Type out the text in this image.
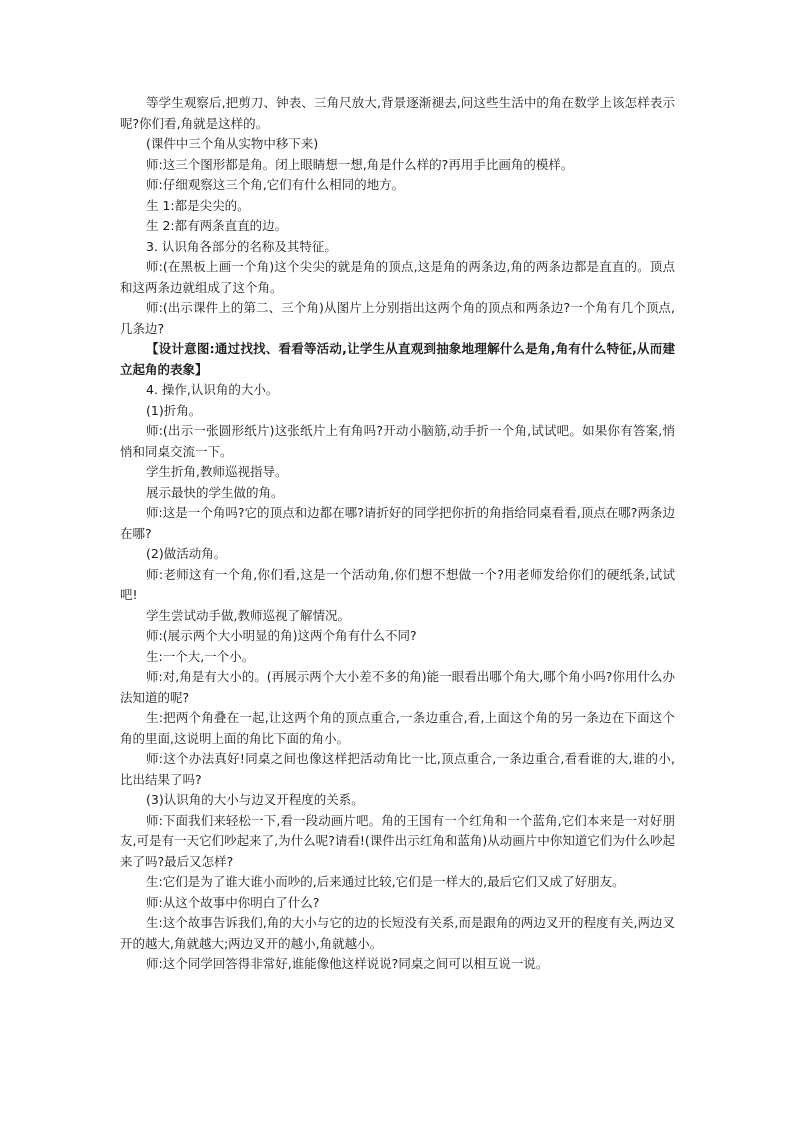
等学生观察后,把剪刀、钟表、三角尺放大,背景逐渐褪去,问这些生活中的角在数学上该怎样表示呢?你们看,角就是这样的。

(课件中三个角从实物中移下来)

师:这三个图形都是角。闭上眼睛想一想,角是什么样的?再用手比画角的模样。

师:仔细观察这三个角,它们有什么相同的地方。

生 1:都是尖尖的。

生 2:都有两条直直的边。

3. 认识角各部分的名称及其特征。

师:(在黑板上画一个角)这个尖尖的就是角的顶点,这是角的两条边,角的两条边都是直直的。顶点和这两条边就组成了这个角。

师:(出示课件上的第二、三个角)从图片上分别指出这两个角的顶点和两条边?一个角有几个顶点,几条边?

【设计意图:通过找找、看看等活动,让学生从直观到抽象地理解什么是角,角有什么特征,从而建立起角的表象】

4. 操作,认识角的大小。

(1)折角。

师:(出示一张圆形纸片)这张纸片上有角吗?开动小脑筋,动手折一个角,试试吧。如果你有答案,悄悄和同桌交流一下。

学生折角,教师巡视指导。

展示最快的学生做的角。

师:这是一个角吗?它的顶点和边都在哪?请折好的同学把你折的角指给同桌看看,顶点在哪?两条边在哪?

(2)做活动角。

师:老师这有一个角,你们看,这是一个活动角,你们想不想做一个?用老师发给你们的硬纸条,试试吧!

学生尝试动手做,教师巡视了解情况。

师:(展示两个大小明显的角)这两个角有什么不同?

生:一个大,一个小。

师:对,角是有大小的。(再展示两个大小差不多的角)能一眼看出哪个角大,哪个角小吗?你用什么办法知道的呢?

生:把两个角叠在一起,让这两个角的顶点重合,一条边重合,看,上面这个角的另一条边在下面这个角的里面,这说明上面的角比下面的角小。

师:这个办法真好!同桌之间也像这样把活动角比一比,顶点重合,一条边重合,看看谁的大,谁的小,比出结果了吗?

(3)认识角的大小与边叉开程度的关系。

师:下面我们来轻松一下,看一段动画片吧。角的王国有一个红角和一个蓝角,它们本来是一对好朋友,可是有一天它们吵起来了,为什么呢?请看!(课件出示红角和蓝角)从动画片中你知道它们为什么吵起来了吗?最后又怎样?

生:它们是为了谁大谁小而吵的,后来通过比较,它们是一样大的,最后它们又成了好朋友。

师:从这个故事中你明白了什么?

生:这个故事告诉我们,角的大小与它的边的长短没有关系,而是跟角的两边叉开的程度有关,两边叉开的越大,角就越大;两边叉开的越小,角就越小。

师:这个同学回答得非常好,谁能像他这样说说?同桌之间可以相互说一说。
